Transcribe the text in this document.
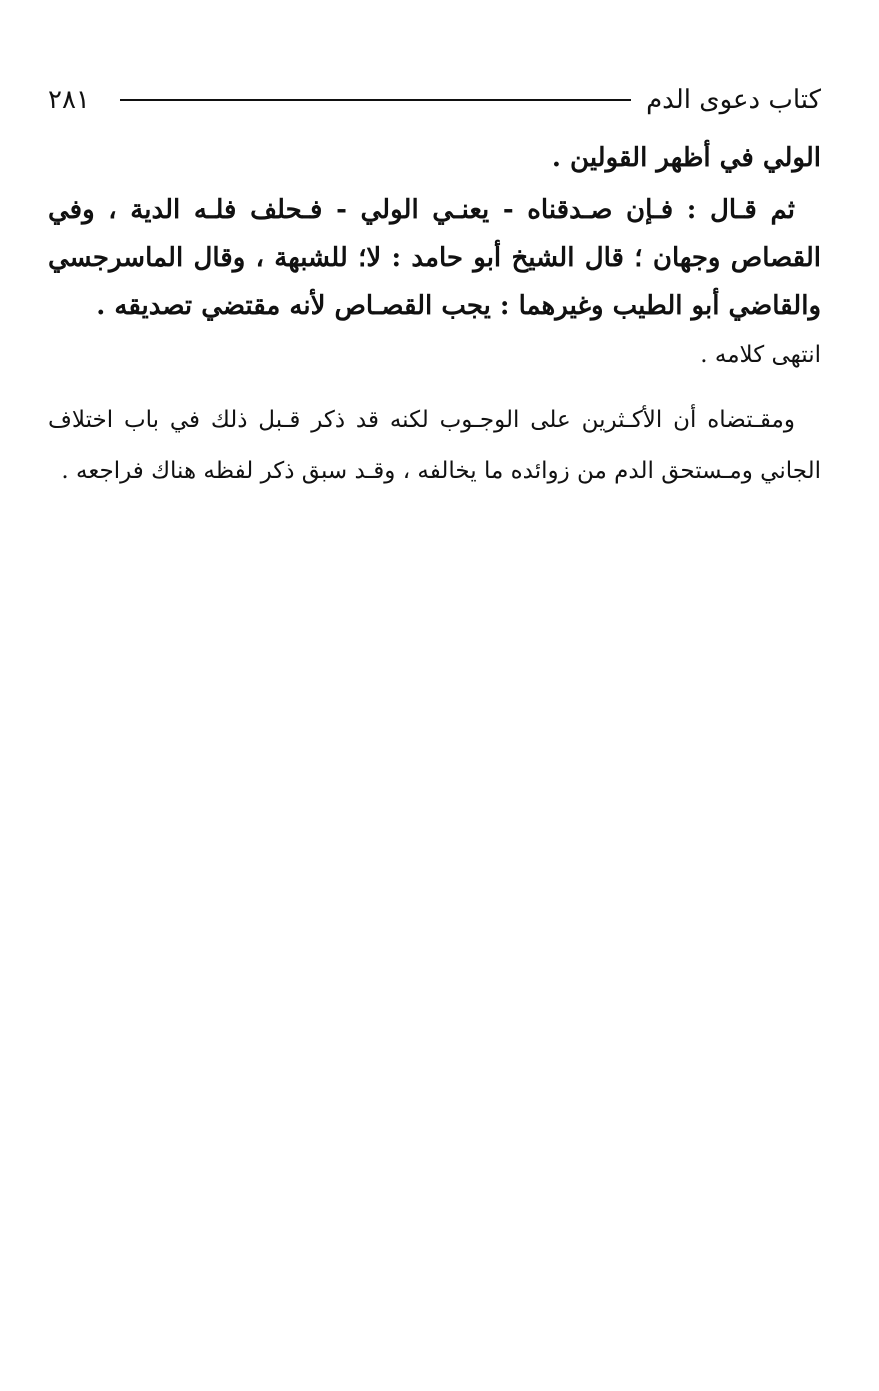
كتاب دعوى الدم
٢٨١

الولي في أظهر القولين .

ثم قـال : فـإن صـدقناه - يعنـي الولي - فـحلف فلـه الدية ، وفي القصاص وجهان ؛ قال الشيخ أبو حامد : لا؛ للشبهة ، وقال الماسرجسي والقاضي أبو الطيب وغيرهما : يجب القصـاص لأنه مقتضي تصديقه .

انتهى كلامه .

ومقـتضاه أن الأكـثرين على الوجـوب لكنه قد ذكر قـبل ذلك في باب اختلاف الجاني ومـستحق الدم من زوائده ما يخالفه ، وقـد سبق ذكر لفظه هناك فراجعه .
